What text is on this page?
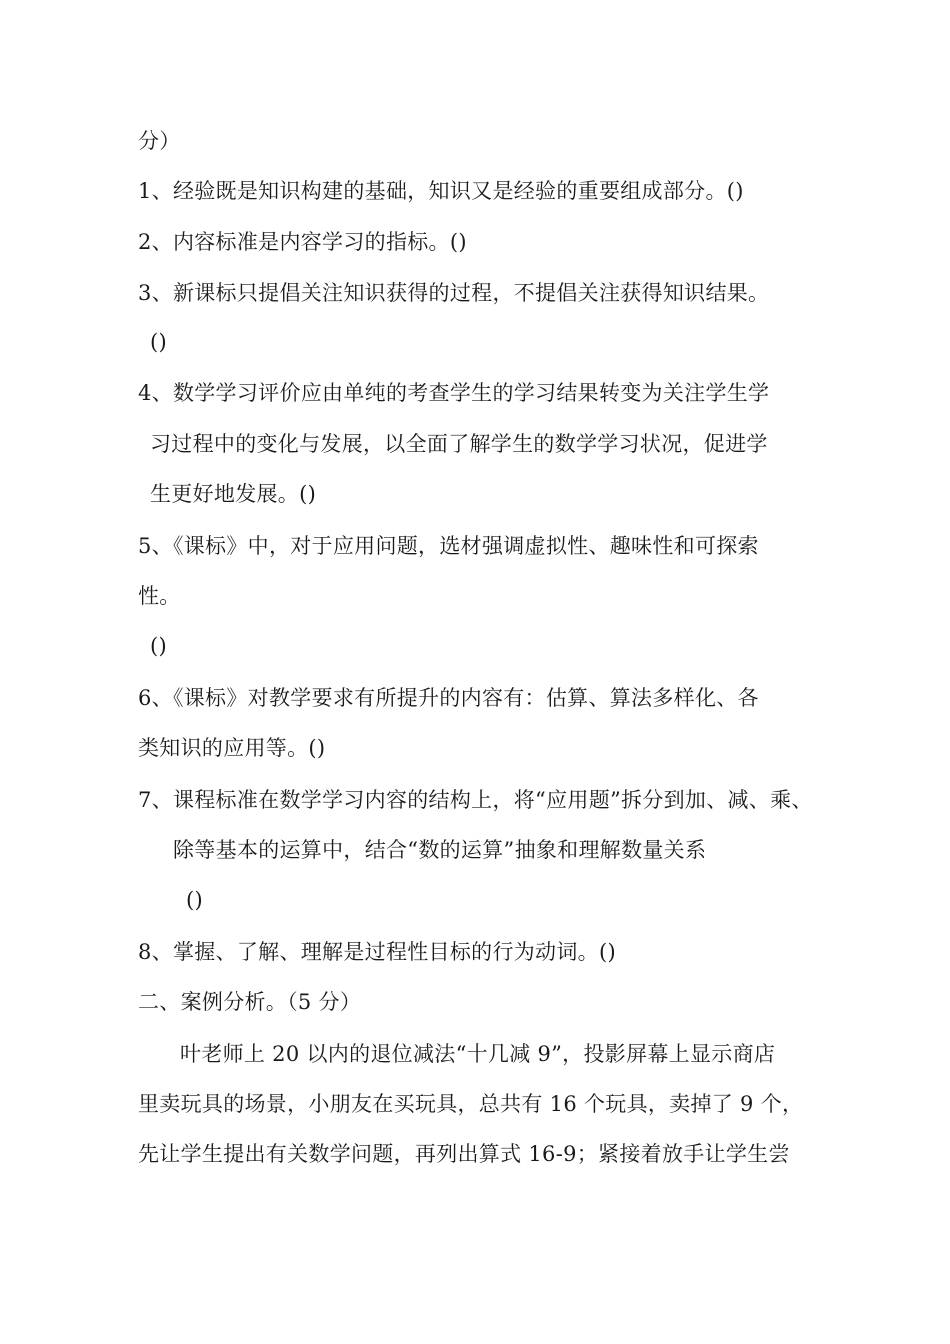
分）
1、经验既是知识构建的基础，知识又是经验的重要组成部分。()
2、内容标准是内容学习的指标。()
3、新课标只提倡关注知识获得的过程，不提倡关注获得知识结果。
()
4、数学学习评价应由单纯的考查学生的学习结果转变为关注学生学
习过程中的变化与发展，以全面了解学生的数学学习状况，促进学
生更好地发展。()
5、《课标》中，对于应用问题，选材强调虚拟性、趣味性和可探索
性。
()
6、《课标》对教学要求有所提升的内容有：估算、算法多样化、各
类知识的应用等。()
7、课程标准在数学学习内容的结构上，将“应用题”拆分到加、减、乘、
除等基本的运算中，结合“数的运算”抽象和理解数量关系
()
8、掌握、了解、理解是过程性目标的行为动词。()
二、案例分析。（5 分）
叶老师上 20 以内的退位减法“十几减 9”，投影屏幕上显示商店
里卖玩具的场景，小朋友在买玩具，总共有 16 个玩具，卖掉了 9 个，
先让学生提出有关数学问题，再列出算式 16-9；紧接着放手让学生尝
